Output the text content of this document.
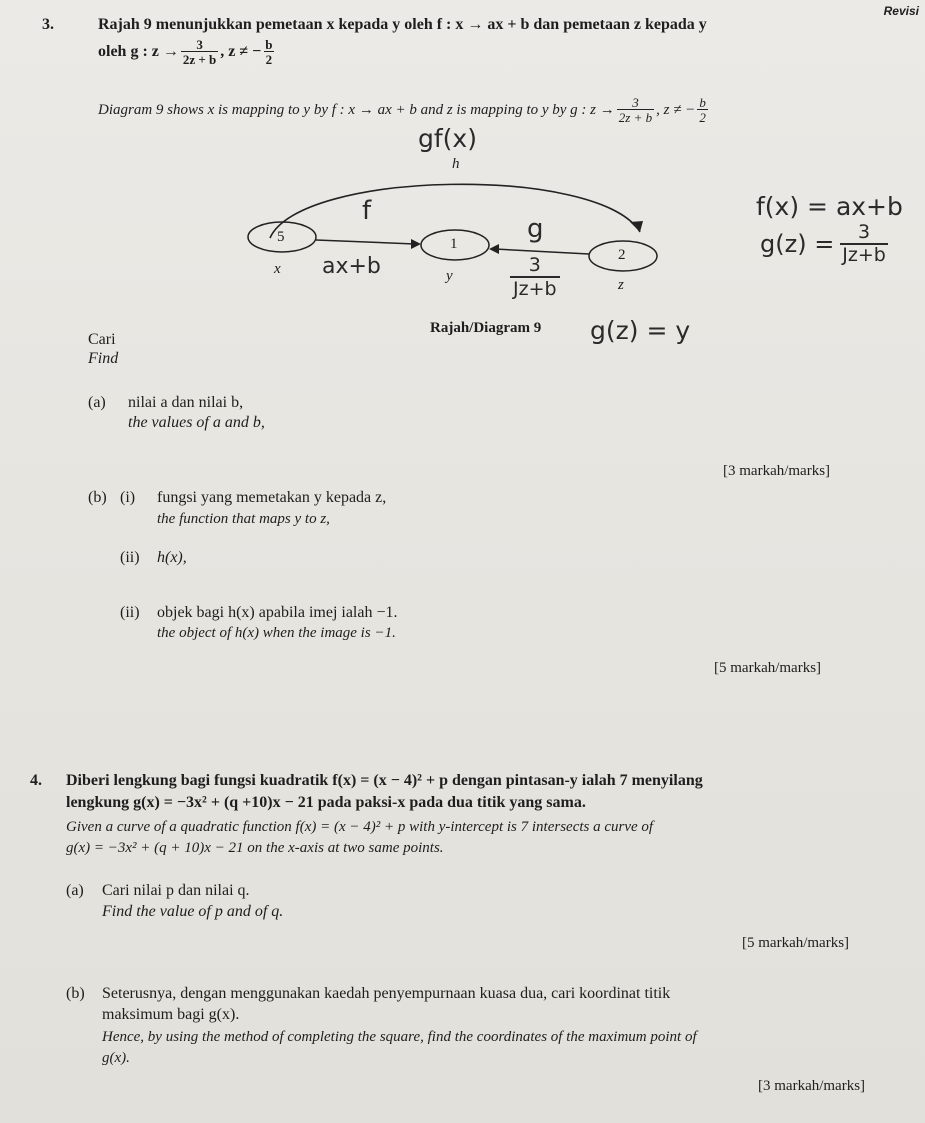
Revisi
3.	Rajah 9 menunjukkan pemetaan x kepada y oleh f : x → ax + b dan pemetaan z kepada y
oleh g : $z \to \frac{3}{2z + b}$ , z ≠ − $\frac{b}{2}$
Diagram 9 shows x is mapping to y by f : x → ax + b and z is mapping to y by g : $z \to \frac{3}{2z + b}$ , z ≠ − $\frac{b}{2}$
h
5
x
1
y
2
z
Rajah/Diagram 9
gf(x)
f
g
ax+b	$\frac{3}{Jz+b}$
f(x) = ax+b
$g(z) = \frac{3}{Jz+b}$
g(z) = y
Cari
Find
(a) nilai a dan nilai b,
the values of a and b,
[3 markah/marks]
(b) (i) fungsi yang memetakan y kepada z,
the function that maps y to z,
(ii) h(x),
(ii) objek bagi h(x) apabila imej ialah −1.
the object of h(x) when the image is −1.
[5 markah/marks]
4. Diberi lengkung bagi fungsi kuadratik f(x) = (x − 4)² + p dengan pintasan-y ialah 7 menyilang
lengkung g(x) = −3x² + (q +10)x − 21 pada paksi-x pada dua titik yang sama.
Given a curve of a quadratic function f(x) = (x − 4)² + p with y-intercept is 7 intersects a curve of
g(x) = −3x² + (q + 10)x − 21 on the x-axis at two same points.
(a) Cari nilai p dan nilai q.
Find the value of p and of q.
[5 markah/marks]
(b) Seterusnya, dengan menggunakan kaedah penyempurnaan kuasa dua, cari koordinat titik
maksimum bagi g(x).
Hence, by using the method of completing the square, find the coordinates of the maximum point of
g(x).
[3 markah/marks]
